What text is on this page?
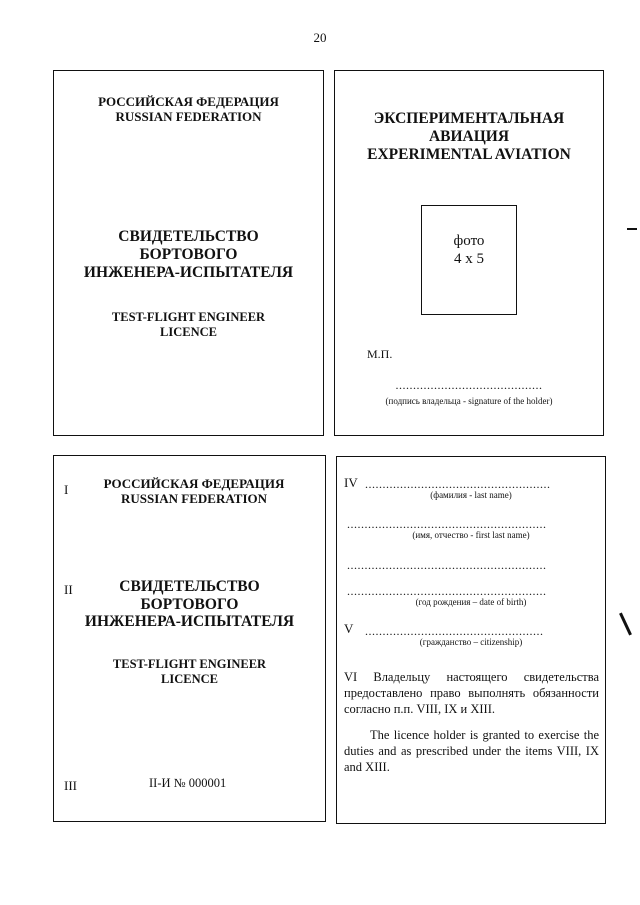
20
РОССИЙСКАЯ ФЕДЕРАЦИЯ
RUSSIAN FEDERATION
СВИДЕТЕЛЬСТВО
БОРТОВОГО
ИНЖЕНЕРА-ИСПЫТАТЕЛЯ
TEST-FLIGHT ENGINEER
LICENCE
ЭКСПЕРИМЕНТАЛЬНАЯ
АВИАЦИЯ
EXPERIMENTAL AVIATION
фото
4 x 5
М.П.
..........................................
(подпись владельца - signature of the holder)
I	РОССИЙСКАЯ ФЕДЕРАЦИЯ
RUSSIAN FEDERATION
II	СВИДЕТЕЛЬСТВО
БОРТОВОГО
ИНЖЕНЕРА-ИСПЫТАТЕЛЯ
TEST-FLIGHT ENGINEER
LICENCE
III	II-И № 000001
IV .....................................................
(фамилия - last name)
.........................................................
(имя, отчество - first last name)
.........................................................
.........................................................
(год рождения – date of birth)
V ...................................................
(гражданство – citizenship)
VI Владельцу настоящего свидетельства предоставлено право выполнять обязанности согласно п.п. VIII, IX и XIII.
The licence holder is granted to exercise the duties and as prescribed under the items VIII, IX and XIII.
